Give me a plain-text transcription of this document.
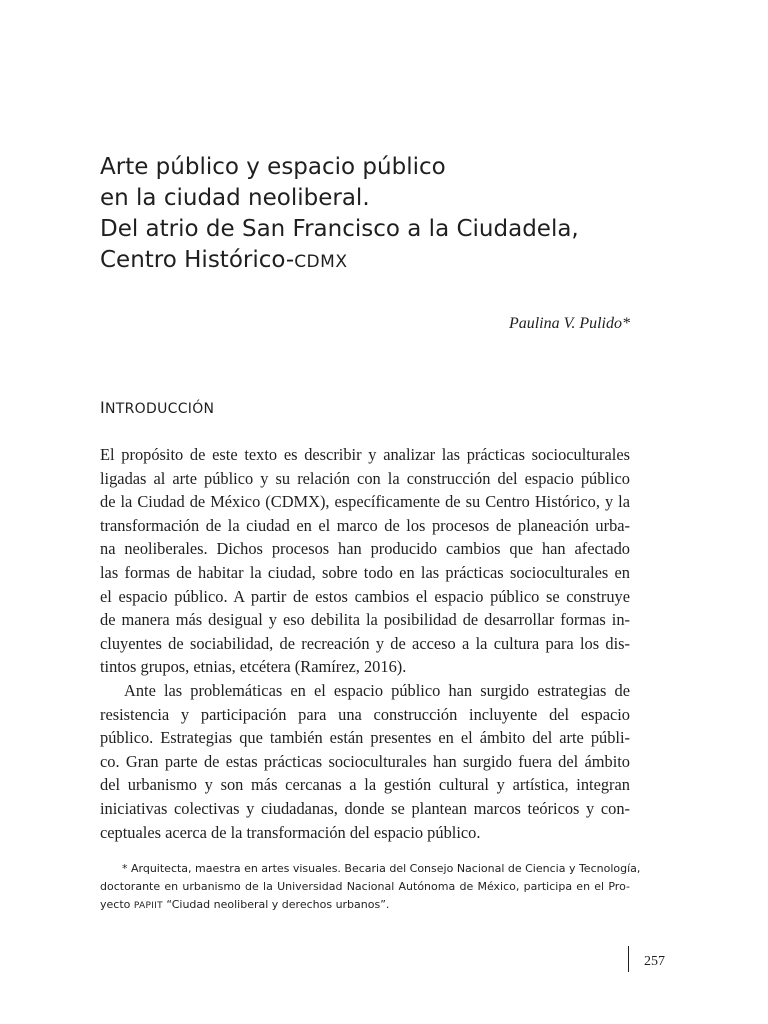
Arte público y espacio público
en la ciudad neoliberal.
Del atrio de San Francisco a la Ciudadela,
Centro Histórico-CDMX
Paulina V. Pulido*
INTRODUCCIÓN
El propósito de este texto es describir y analizar las prácticas socioculturales
ligadas al arte público y su relación con la construcción del espacio público
de la Ciudad de México (CDMX), específicamente de su Centro Histórico, y la
transformación de la ciudad en el marco de los procesos de planeación urba-
na neoliberales. Dichos procesos han producido cambios que han afectado
las formas de habitar la ciudad, sobre todo en las prácticas socioculturales en
el espacio público. A partir de estos cambios el espacio público se construye
de manera más desigual y eso debilita la posibilidad de desarrollar formas in-
cluyentes de sociabilidad, de recreación y de acceso a la cultura para los dis-
tintos grupos, etnias, etcétera (Ramírez, 2016).
Ante las problemáticas en el espacio público han surgido estrategias de
resistencia y participación para una construcción incluyente del espacio
público. Estrategias que también están presentes en el ámbito del arte públi-
co. Gran parte de estas prácticas socioculturales han surgido fuera del ámbito
del urbanismo y son más cercanas a la gestión cultural y artística, integran
iniciativas colectivas y ciudadanas, donde se plantean marcos teóricos y con-
ceptuales acerca de la transformación del espacio público.
* Arquitecta, maestra en artes visuales. Becaria del Consejo Nacional de Ciencia y Tecnología,
doctorante en urbanismo de la Universidad Nacional Autónoma de México, participa en el Pro-
yecto PAPIIT “Ciudad neoliberal y derechos urbanos”.
257
